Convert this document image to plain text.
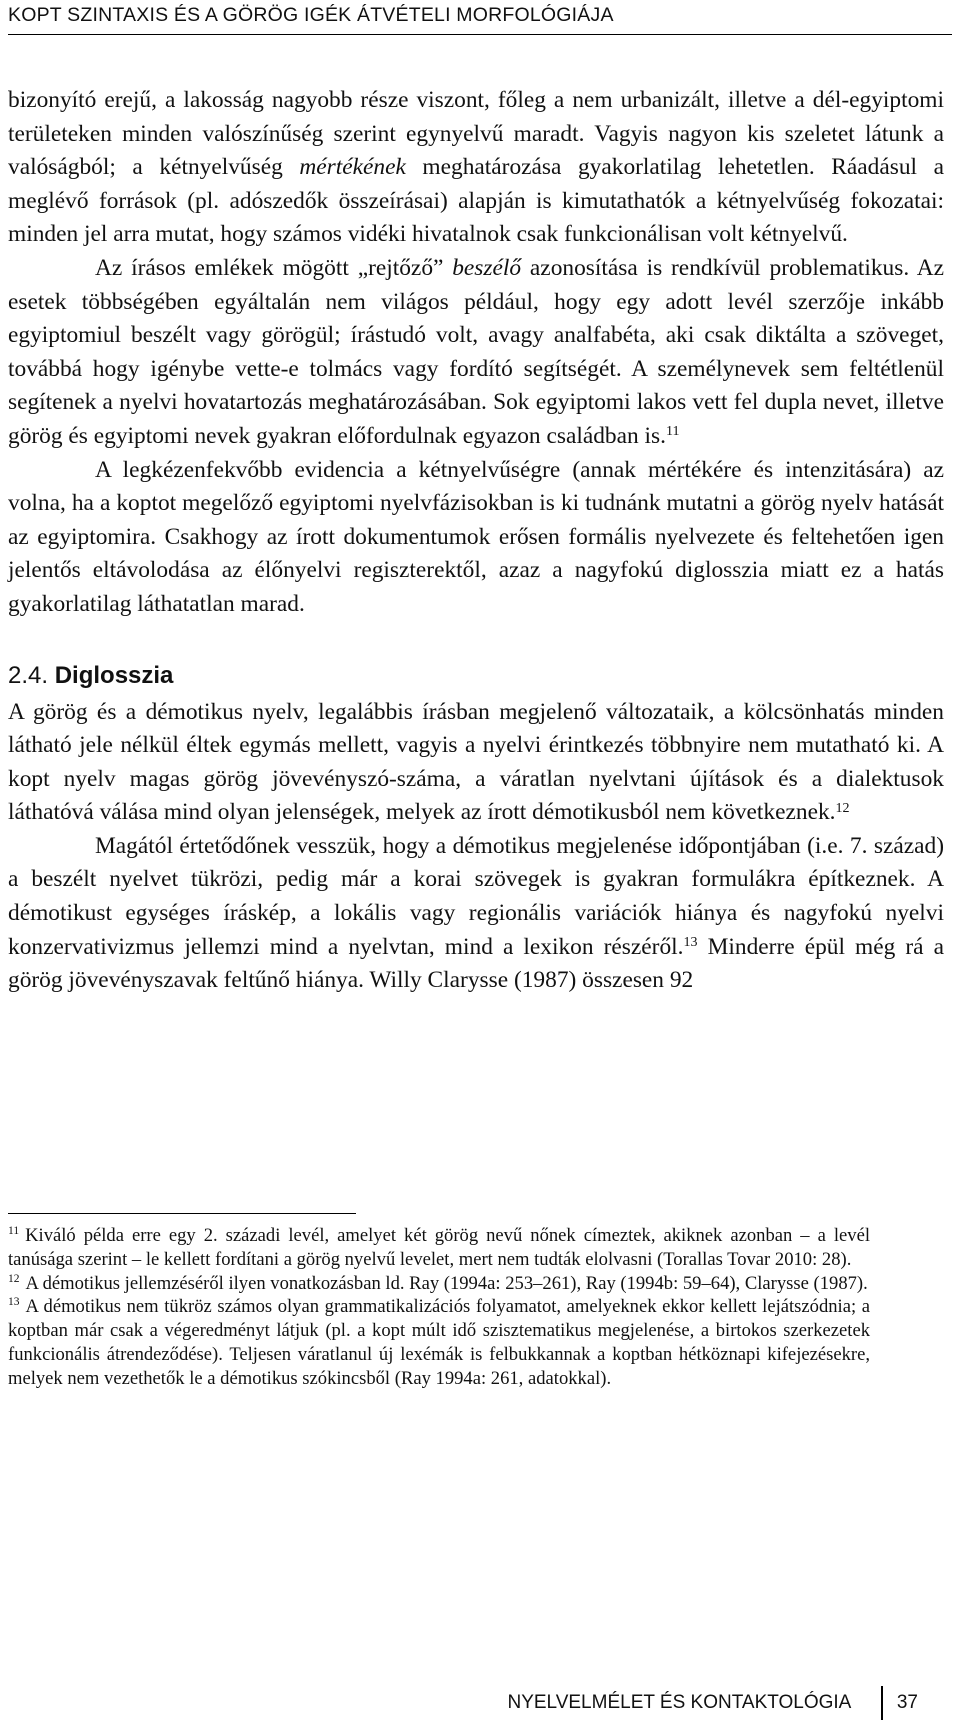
KOPT SZINTAXIS ÉS A GÖRÖG IGÉK ÁTVÉTELI MORFOLÓGIÁJA

bizonyító erejű, a lakosság nagyobb része viszont, főleg a nem urbanizált, illetve a dél-egyiptomi területeken minden valószínűség szerint egynyelvű maradt. Vagyis nagyon kis szeletet látunk a valóságból; a kétnyelvűség mértékének meghatározása gyakorlatilag lehetetlen. Ráadásul a meglévő források (pl. adószedők összeírásai) alapján is kimutathatók a kétnyelvűség fokozatai: minden jel arra mutat, hogy számos vidéki hivatalnok csak funkcionálisan volt kétnyelvű.

Az írásos emlékek mögött „rejtőző” beszélő azonosítása is rendkívül problematikus. Az esetek többségében egyáltalán nem világos például, hogy egy adott levél szerzője inkább egyiptomiul beszélt vagy görögül; írástudó volt, avagy analfabéta, aki csak diktálta a szöveget, továbbá hogy igénybe vette-e tolmács vagy fordító segítségét. A személynevek sem feltétlenül segítenek a nyelvi hovatartozás meghatározásában. Sok egyiptomi lakos vett fel dupla nevet, illetve görög és egyiptomi nevek gyakran előfordulnak egyazon családban is.$^{11}$

A legkézenfekvőbb evidencia a kétnyelvűségre (annak mértékére és intenzitására) az volna, ha a koptot megelőző egyiptomi nyelvfázisokban is ki tudnánk mutatni a görög nyelv hatását az egyiptomira. Csakhogy az írott dokumentumok erősen formális nyelvezete és feltehetően igen jelentős eltávolodása az élőnyelvi regiszterektől, azaz a nagyfokú diglosszia miatt ez a hatás gyakorlatilag láthatatlan marad.

2.4. Diglosszia

A görög és a démotikus nyelv, legalábbis írásban megjelenő változataik, a kölcsönhatás minden látható jele nélkül éltek egymás mellett, vagyis a nyelvi érintkezés többnyire nem mutatható ki. A kopt nyelv magas görög jövevényszó-száma, a váratlan nyelvtani újítások és a dialektusok láthatóvá válása mind olyan jelenségek, melyek az írott démotikusból nem következnek.$^{12}$

Magától értetődőnek vesszük, hogy a démotikus megjelenése időpontjában (i.e. 7. század) a beszélt nyelvet tükrözi, pedig már a korai szövegek is gyakran formulákra építkeznek. A démotikust egységes íráskép, a lokális vagy regionális variációk hiánya és nagyfokú nyelvi konzervativizmus jellemzi mind a nyelvtan, mind a lexikon részéről.$^{13}$ Minderre épül még rá a görög jövevényszavak feltűnő hiánya. Willy Clarysse (1987) összesen 92

$^{11}$ Kiváló példa erre egy 2. századi levél, amelyet két görög nevű nőnek címeztek, akiknek azonban – a levél tanúsága szerint – le kellett fordítani a görög nyelvű levelet, mert nem tudták elolvasni (Torallas Tovar 2010: 28).

$^{12}$ A démotikus jellemzéséről ilyen vonatkozásban ld. Ray (1994a: 253–261), Ray (1994b: 59–64), Clarysse (1987).

$^{13}$ A démotikus nem tükröz számos olyan grammatikalizációs folyamatot, amelyeknek ekkor kellett lejátszódnia; a koptban már csak a végeredményt látjuk (pl. a kopt múlt idő szisztematikus megjelenése, a birtokos szerkezetek funkcionális átrendeződése). Teljesen váratlanul új lexémák is felbukkannak a koptban hétköznapi kifejezésekre, melyek nem vezethetők le a démotikus szókincsből (Ray 1994a: 261, adatokkal).

NYELVELMÉLET ÉS KONTAKTOLÓGIA 37
